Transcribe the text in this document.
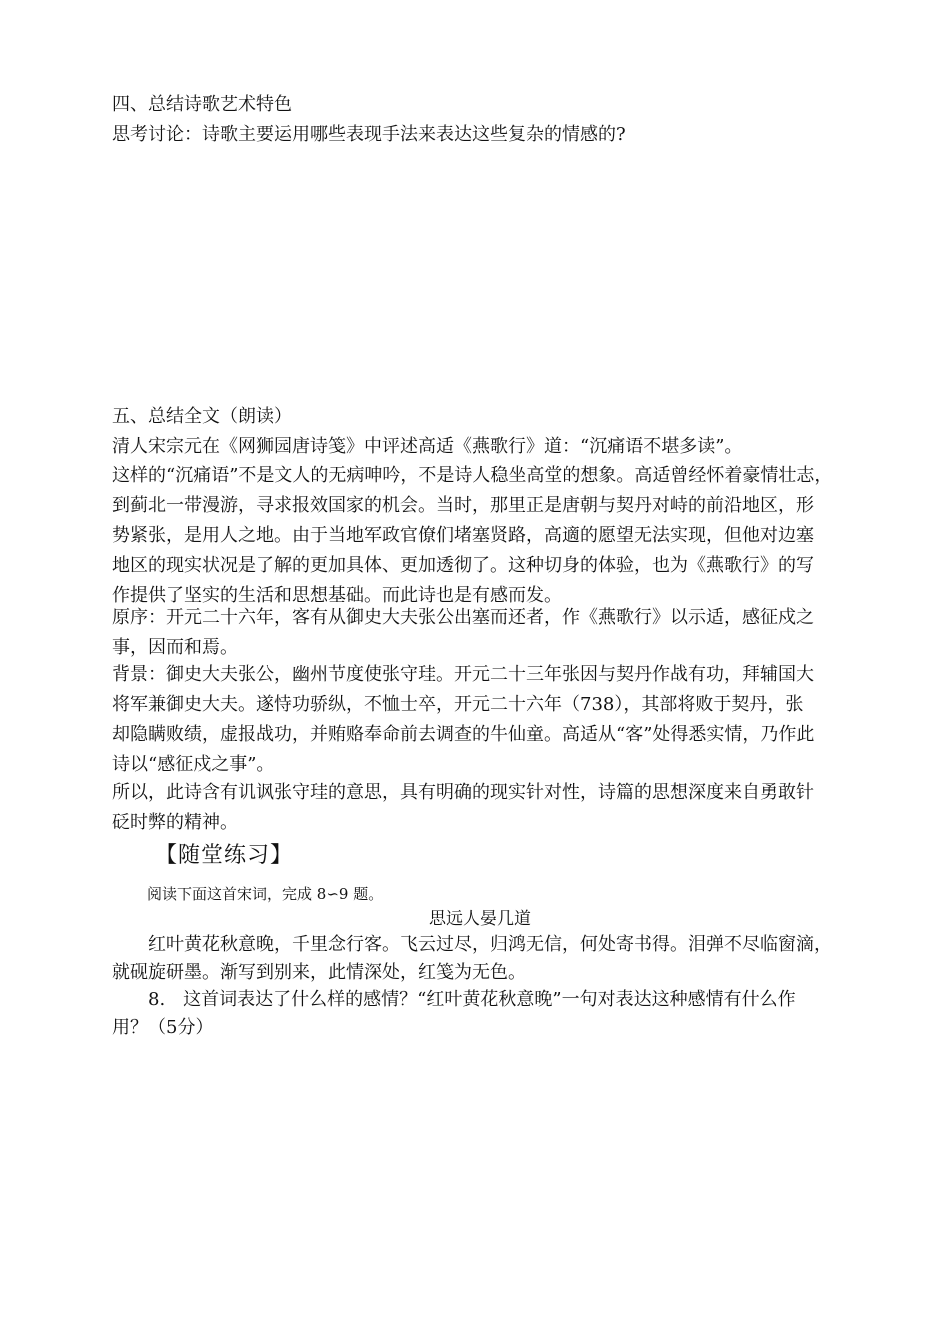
四、总结诗歌艺术特色
思考讨论：诗歌主要运用哪些表现手法来表达这些复杂的情感的?
五、总结全文（朗读）
清人宋宗元在《网狮园唐诗笺》中评述高适《燕歌行》道：“沉痛语不堪多读”。
这样的“沉痛语”不是文人的无病呻吟，不是诗人稳坐高堂的想象。高适曾经怀着豪情壮志，
到蓟北一带漫游，寻求报效国家的机会。当时，那里正是唐朝与契丹对峙的前沿地区，形
势紧张，是用人之地。由于当地军政官僚们堵塞贤路，高適的愿望无法实现，但他对边塞
地区的现实状况是了解的更加具体、更加透彻了。这种切身的体验，也为《燕歌行》的写
作提供了坚实的生活和思想基础。而此诗也是有感而发。
原序：开元二十六年，客有从御史大夫张公出塞而还者，作《燕歌行》以示适，感征戍之
事，因而和焉。
背景：御史大夫张公，幽州节度使张守珪。开元二十三年张因与契丹作战有功，拜辅国大
将军兼御史大夫。遂恃功骄纵，不恤士卒，开元二十六年（738），其部将败于契丹，张
却隐瞒败绩，虚报战功，并贿赂奉命前去调查的牛仙童。高适从“客”处得悉实情，乃作此
诗以“感征戍之事”。
所以，此诗含有讥讽张守珪的意思，具有明确的现实针对性，诗篇的思想深度来自勇敢针
砭时弊的精神。
【随堂练习】
阅读下面这首宋词，完成 8∽9 题。
思远人晏几道
　　红叶黄花秋意晚，千里念行客。飞云过尽，归鸿无信，何处寄书得。泪弹不尽临窗滴，
就砚旋研墨。渐写到别来，此情深处，红笺为无色。
　　8.　这首词表达了什么样的感情？“红叶黄花秋意晚”一句对表达这种感情有什么作
用？（5分）
